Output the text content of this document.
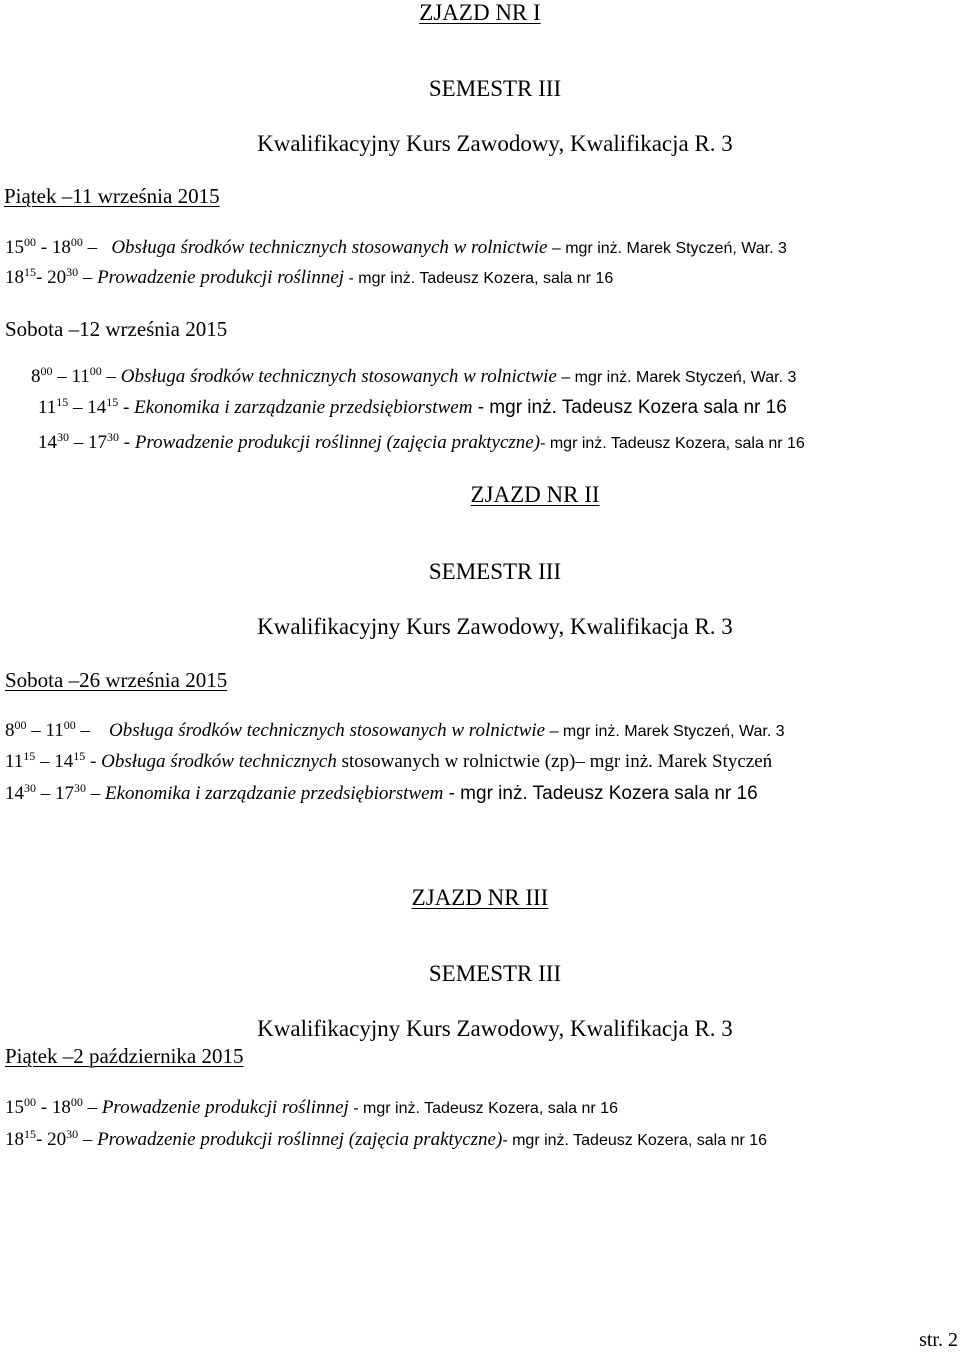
ZJAZD NR I
SEMESTR III
Kwalifikacyjny Kurs Zawodowy, Kwalifikacja R. 3
Piątek –11 września 2015
$15^{00} - 18^{00}$ –   Obsługa środków technicznych stosowanych w rolnictwie – mgr inż. Marek Styczeń, War. 3
$18^{15}-$ $20^{30}$ – Prowadzenie produkcji roślinnej - mgr inż. Tadeusz Kozera, sala nr 16
Sobota –12 września 2015
$8^{00} - 11^{00}$ – Obsługa środków technicznych stosowanych w rolnictwie – mgr inż. Marek Styczeń, War. 3
$11^{15} - 14^{15}$ - Ekonomika i zarządzanie przedsiębiorstwem - mgr inż. Tadeusz Kozera sala nr 16
$14^{30} - 17^{30}$ - Prowadzenie produkcji roślinnej (zajęcia praktyczne)- mgr inż. Tadeusz Kozera, sala nr 16
ZJAZD NR II
SEMESTR III
Kwalifikacyjny Kurs Zawodowy, Kwalifikacja R. 3
Sobota –26 września 2015
$8^{00} - 11^{00}$ –    Obsługa środków technicznych stosowanych w rolnictwie – mgr inż. Marek Styczeń, War. 3
$11^{15} - 14^{15}$ - Obsługa środków technicznych stosowanych w rolnictwie (zp)– mgr inż. Marek Styczeń
$14^{30} - 17^{30}$ – Ekonomika i zarządzanie przedsiębiorstwem - mgr inż. Tadeusz Kozera sala nr 16
ZJAZD NR III
SEMESTR III
Kwalifikacyjny Kurs Zawodowy, Kwalifikacja R. 3
Piątek –2 października 2015
$15^{00} - 18^{00}$ – Prowadzenie produkcji roślinnej - mgr inż. Tadeusz Kozera, sala nr 16
$18^{15}-$ $20^{30}$ – Prowadzenie produkcji roślinnej (zajęcia praktyczne)- mgr inż. Tadeusz Kozera, sala nr 16
str. 2
